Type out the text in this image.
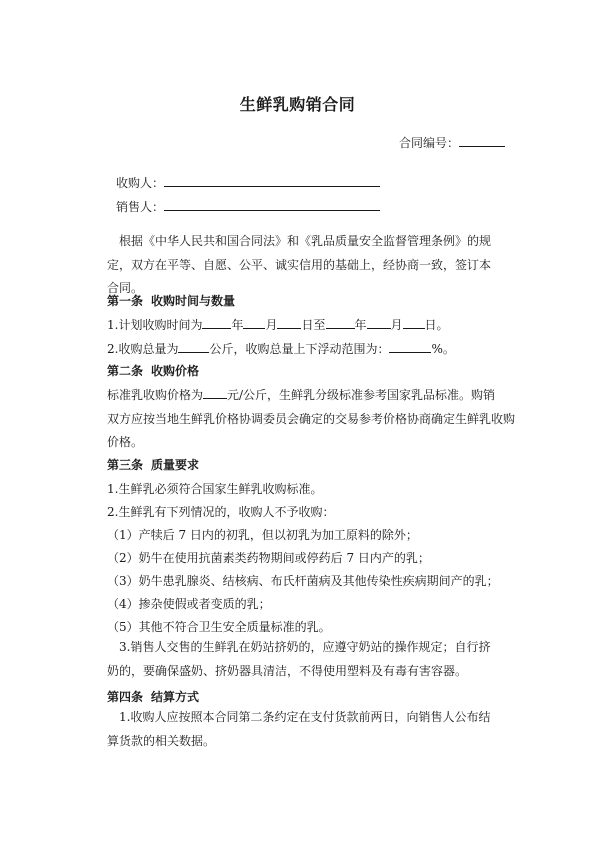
生鲜乳购销合同
合同编号：
收购人：
销售人：
根据《中华人民共和国合同法》和《乳品质量安全监督管理条例》的规定，双方在平等、自愿、公平、诚实信用的基础上，经协商一致，签订本合同。
第一条 收购时间与数量
1.计划收购时间为 年 月 日至 年 月 日。
2.收购总量为	公斤，收购总量上下浮动范围为：	%。
第二条 收购价格
标准乳收购价格为 元/公斤，生鲜乳分级标准参考国家乳品标准。购销
双方应按当地生鲜乳价格协调委员会确定的交易参考价格协商确定生鲜乳收购
价格。
第三条 质量要求
1.生鲜乳必须符合国家生鲜乳收购标准。
2.生鲜乳有下列情况的，收购人不予收购：
（1）产犊后 7 日内的初乳，但以初乳为加工原料的除外；
（2）奶牛在使用抗菌素类药物期间或停药后 7 日内产的乳；
（3）奶牛患乳腺炎、结核病、布氏杆菌病及其他传染性疾病期间产的乳；
（4）掺杂使假或者变质的乳；
（5）其他不符合卫生安全质量标准的乳。
3.销售人交售的生鲜乳在奶站挤奶的，应遵守奶站的操作规定；自行挤奶的，要确保盛奶、挤奶器具清洁，不得使用塑料及有毒有害容器。
第四条 结算方式
1.收购人应按照本合同第二条约定在支付货款前两日，向销售人公布结算货款的相关数据。
